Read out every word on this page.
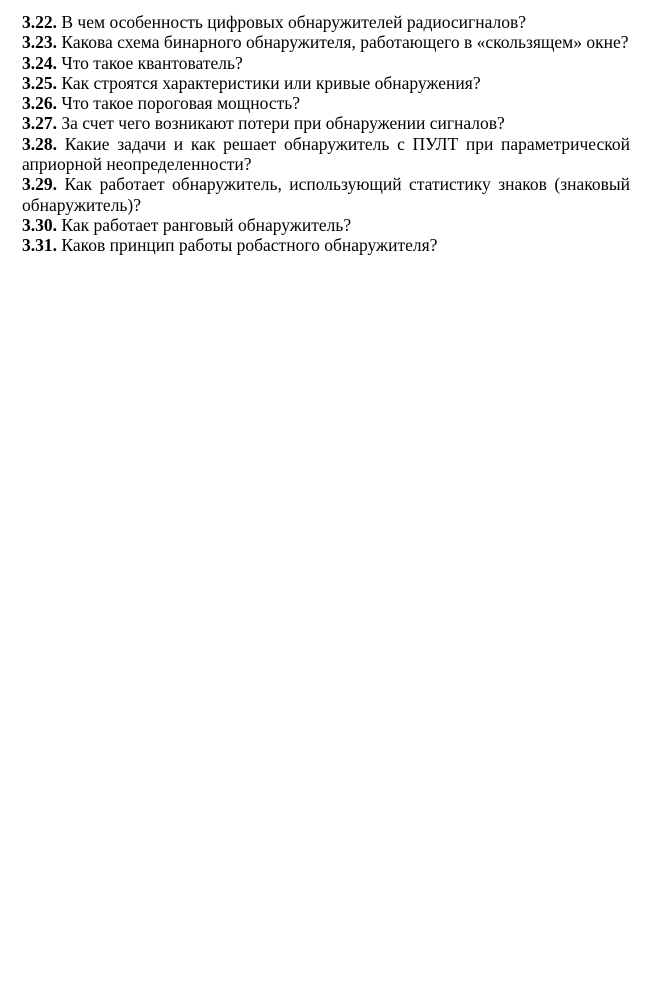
3.22. В чем особенность цифровых обнаружителей радиосигналов?

3.23. Какова схема бинарного обнаружителя, работающего в «скользящем» окне?

3.24. Что такое квантователь?

3.25. Как строятся характеристики или кривые обнаружения?

3.26. Что такое пороговая мощность?

3.27. За счет чего возникают потери при обнаружении сигналов?

3.28. Какие задачи и как решает обнаружитель с ПУЛТ при параметрической априорной неопределенности?

3.29. Как работает обнаружитель, использующий статистику знаков (знаковый обнаружитель)?

3.30. Как работает ранговый обнаружитель?

3.31. Каков принцип работы робастного обнаружителя?
